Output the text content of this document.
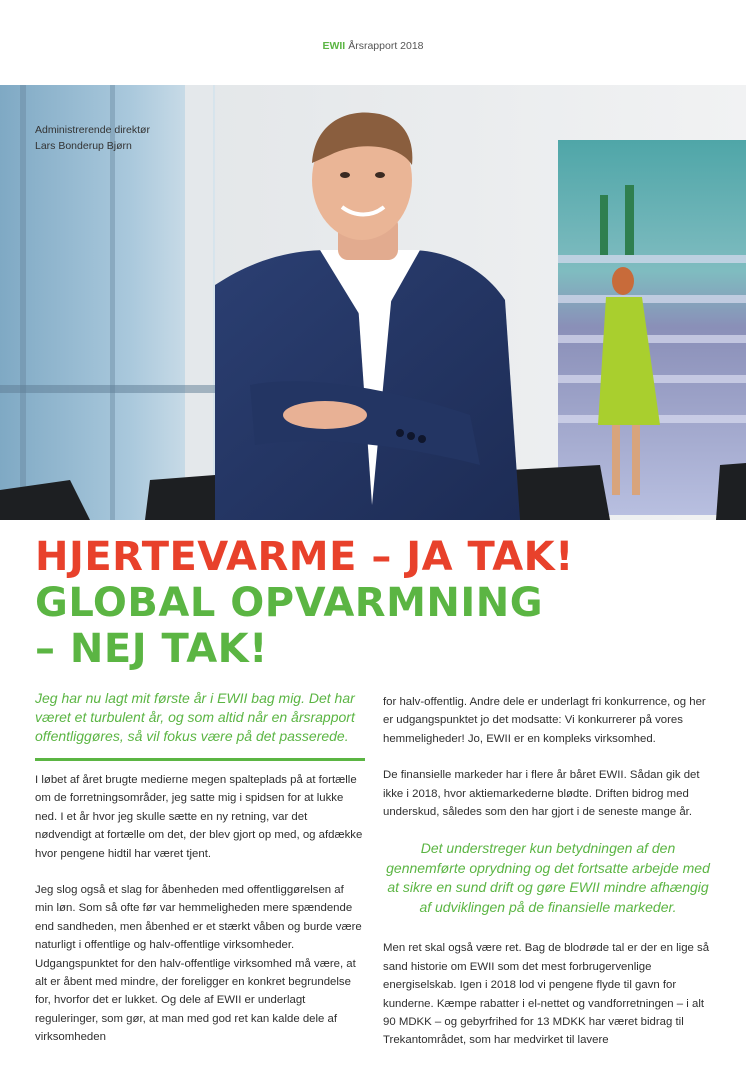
EWII Årsrapport 2018
Administrerende direktør
Lars Bonderup Bjørn
HJERTEVARME – JA TAK!
GLOBAL OPVARMNING
– NEJ TAK!
Jeg har nu lagt mit første år i EWII bag mig. Det har været et turbulent år, og som altid når en årsrapport offentliggøres, så vil fokus være på det passerede.

I løbet af året brugte medierne megen spalteplads på at fortælle om de forretningsområder, jeg satte mig i spidsen for at lukke ned. I et år hvor jeg skulle sætte en ny retning, var det nødvendigt at fortælle om det, der blev gjort op med, og afdække hvor pengene hidtil har været tjent.

Jeg slog også et slag for åbenheden med offentliggørelsen af min løn. Som så ofte før var hemmeligheden mere spændende end sandheden, men åbenhed er et stærkt våben og burde være naturligt i offentlige og halv-offentlige virksomheder. Udgangspunktet for den halv-offentlige virksomhed må være, at alt er åbent med mindre, der foreligger en konkret begrundelse for, hvorfor det er lukket. Og dele af EWII er underlagt reguleringer, som gør, at man med god ret kan kalde dele af virksomheden

for halv-offentlig. Andre dele er underlagt fri konkurrence, og her er udgangspunktet jo det modsatte: Vi konkurrerer på vores hemmeligheder! Jo, EWII er en kompleks virksomhed.

De finansielle markeder har i flere år båret EWII. Sådan gik det ikke i 2018, hvor aktiemarkederne blødte. Driften bidrog med underskud, således som den har gjort i de seneste mange år.

Det understreger kun betydningen af den gennemførte oprydning og det fortsatte arbejde med at sikre en sund drift og gøre EWII mindre afhængig af udviklingen på de finansielle markeder.

Men ret skal også være ret. Bag de blodrøde tal er der en lige så sand historie om EWII som det mest forbrugervenlige energiselskab. Igen i 2018 lod vi pengene flyde til gavn for kunderne. Kæmpe rabatter i el-nettet og vandforretningen – i alt 90 MDKK – og gebyrfrihed for 13 MDKK har været bidrag til Trekantområdet, som har medvirket til lavere
